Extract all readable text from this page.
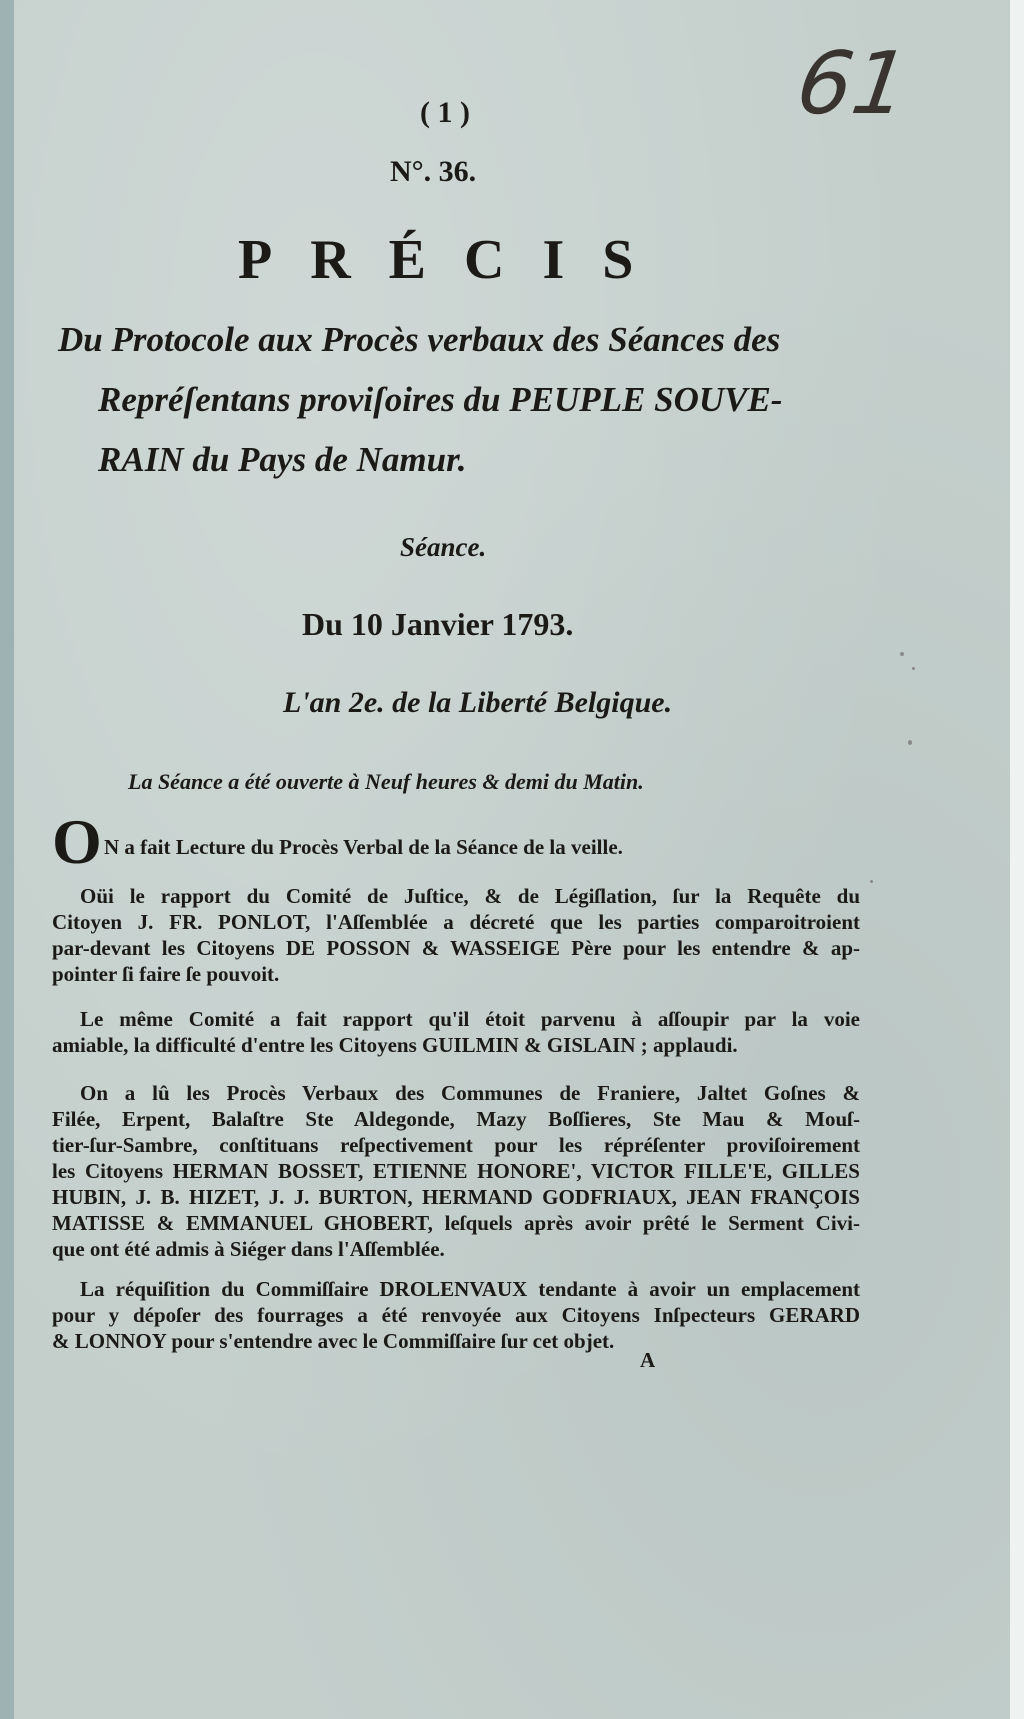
( 1 )	61
N°. 36.
PRÉCIS
Du Protocole aux Procès verbaux des Séances des
Repréſentans proviſoires du PEUPLE SOUVE-
RAIN du Pays de Namur.
Séance.
Du 10 Janvier 1793.
L'an 2e. de la Liberté Belgique.
La Séance a été ouverte à Neuf heures & demi du Matin.
O N a fait Lecture du Procès Verbal de la Séance de la veille.
Oüi le rapport du Comité de Juſtice, & de Légiſlation, ſur la Requête du
Citoyen J. FR. PONLOT, l'Aſſemblée a décreté que les parties comparoitroient
par-devant les Citoyens DE POSSON & WASSEIGE Père pour les entendre & ap-
pointer ſi faire ſe pouvoit.
Le même Comité a fait rapport qu'il étoit parvenu à aſſoupir par la voie
amiable, la difficulté d'entre les Citoyens GUILMIN & GISLAIN ; applaudi.
On a lû les Procès Verbaux des Communes de Franiere, Jaltet Goſnes &
Filée, Erpent, Balaſtre Ste Aldegonde, Mazy Boſſieres, Ste Mau & Mouſ-
tier-ſur-Sambre, conſtituans reſpectivement pour les répréſenter proviſoirement
les Citoyens HERMAN BOSSET, ETIENNE HONORE', VICTOR FILLE'E, GILLES
HUBIN, J. B. HIZET, J. J. BURTON, HERMAND GODFRIAUX, JEAN FRANÇOIS
MATISSE & EMMANUEL GHOBERT, leſquels après avoir prêté le Serment Civi-
que ont été admis à Siéger dans l'Aſſemblée.
La réquiſition du Commiſſaire DROLENVAUX tendante à avoir un emplacement
pour y dépoſer des fourrages a été renvoyée aux Citoyens Inſpecteurs GERARD
& LONNOY pour s'entendre avec le Commiſſaire ſur cet objet.
A
